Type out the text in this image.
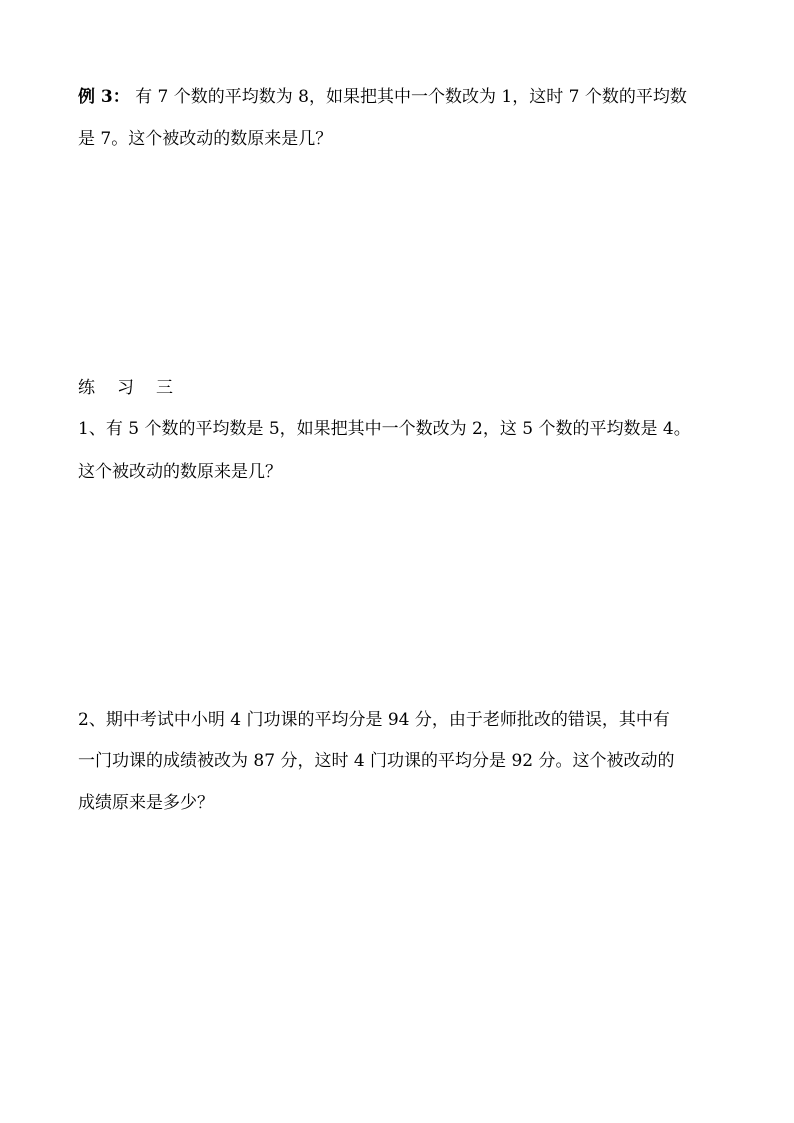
例 3： 有 7 个数的平均数为 8，如果把其中一个数改为 1，这时 7 个数的平均数
是 7。这个被改动的数原来是几？
练 习 三
1、有 5 个数的平均数是 5，如果把其中一个数改为 2，这 5 个数的平均数是 4。
这个被改动的数原来是几？
2、期中考试中小明 4 门功课的平均分是 94 分，由于老师批改的错误，其中有
一门功课的成绩被改为 87 分，这时 4 门功课的平均分是 92 分。这个被改动的
成绩原来是多少？
